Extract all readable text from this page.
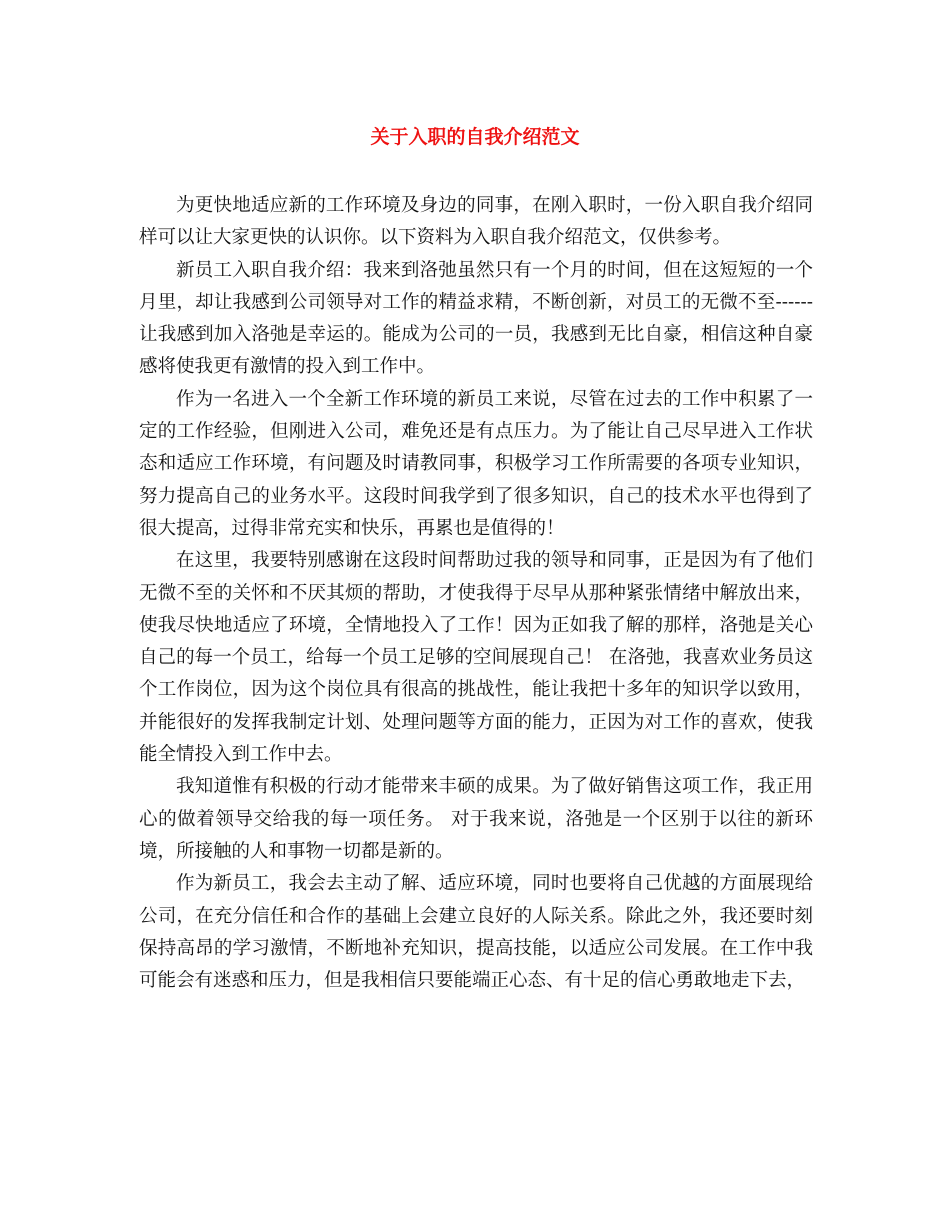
关于入职的自我介绍范文

为更快地适应新的工作环境及身边的同事，在刚入职时，一份入职自我介绍同样可以让大家更快的认识你。以下资料为入职自我介绍范文，仅供参考。

新员工入职自我介绍：我来到洛弛虽然只有一个月的时间，但在这短短的一个月里，却让我感到公司领导对工作的精益求精，不断创新，对员工的无微不至------让我感到加入洛弛是幸运的。能成为公司的一员，我感到无比自豪，相信这种自豪感将使我更有激情的投入到工作中。

作为一名进入一个全新工作环境的新员工来说，尽管在过去的工作中积累了一定的工作经验，但刚进入公司，难免还是有点压力。为了能让自己尽早进入工作状态和适应工作环境，有问题及时请教同事，积极学习工作所需要的各项专业知识，努力提高自己的业务水平。这段时间我学到了很多知识，自己的技术水平也得到了很大提高，过得非常充实和快乐，再累也是值得的！

在这里，我要特别感谢在这段时间帮助过我的领导和同事，正是因为有了他们无微不至的关怀和不厌其烦的帮助，才使我得于尽早从那种紧张情绪中解放出来，使我尽快地适应了环境，全情地投入了工作！因为正如我了解的那样，洛弛是关心自己的每一个员工，给每一个员工足够的空间展现自己！ 在洛弛，我喜欢业务员这个工作岗位，因为这个岗位具有很高的挑战性，能让我把十多年的知识学以致用，并能很好的发挥我制定计划、处理问题等方面的能力，正因为对工作的喜欢，使我能全情投入到工作中去。

我知道惟有积极的行动才能带来丰硕的成果。为了做好销售这项工作，我正用心的做着领导交给我的每一项任务。 对于我来说，洛弛是一个区别于以往的新环境，所接触的人和事物一切都是新的。

作为新员工，我会去主动了解、适应环境，同时也要将自己优越的方面展现给公司，在充分信任和合作的基础上会建立良好的人际关系。除此之外，我还要时刻保持高昂的学习激情，不断地补充知识，提高技能，以适应公司发展。在工作中我可能会有迷惑和压力，但是我相信只要能端正心态、有十足的信心勇敢地走下去，
